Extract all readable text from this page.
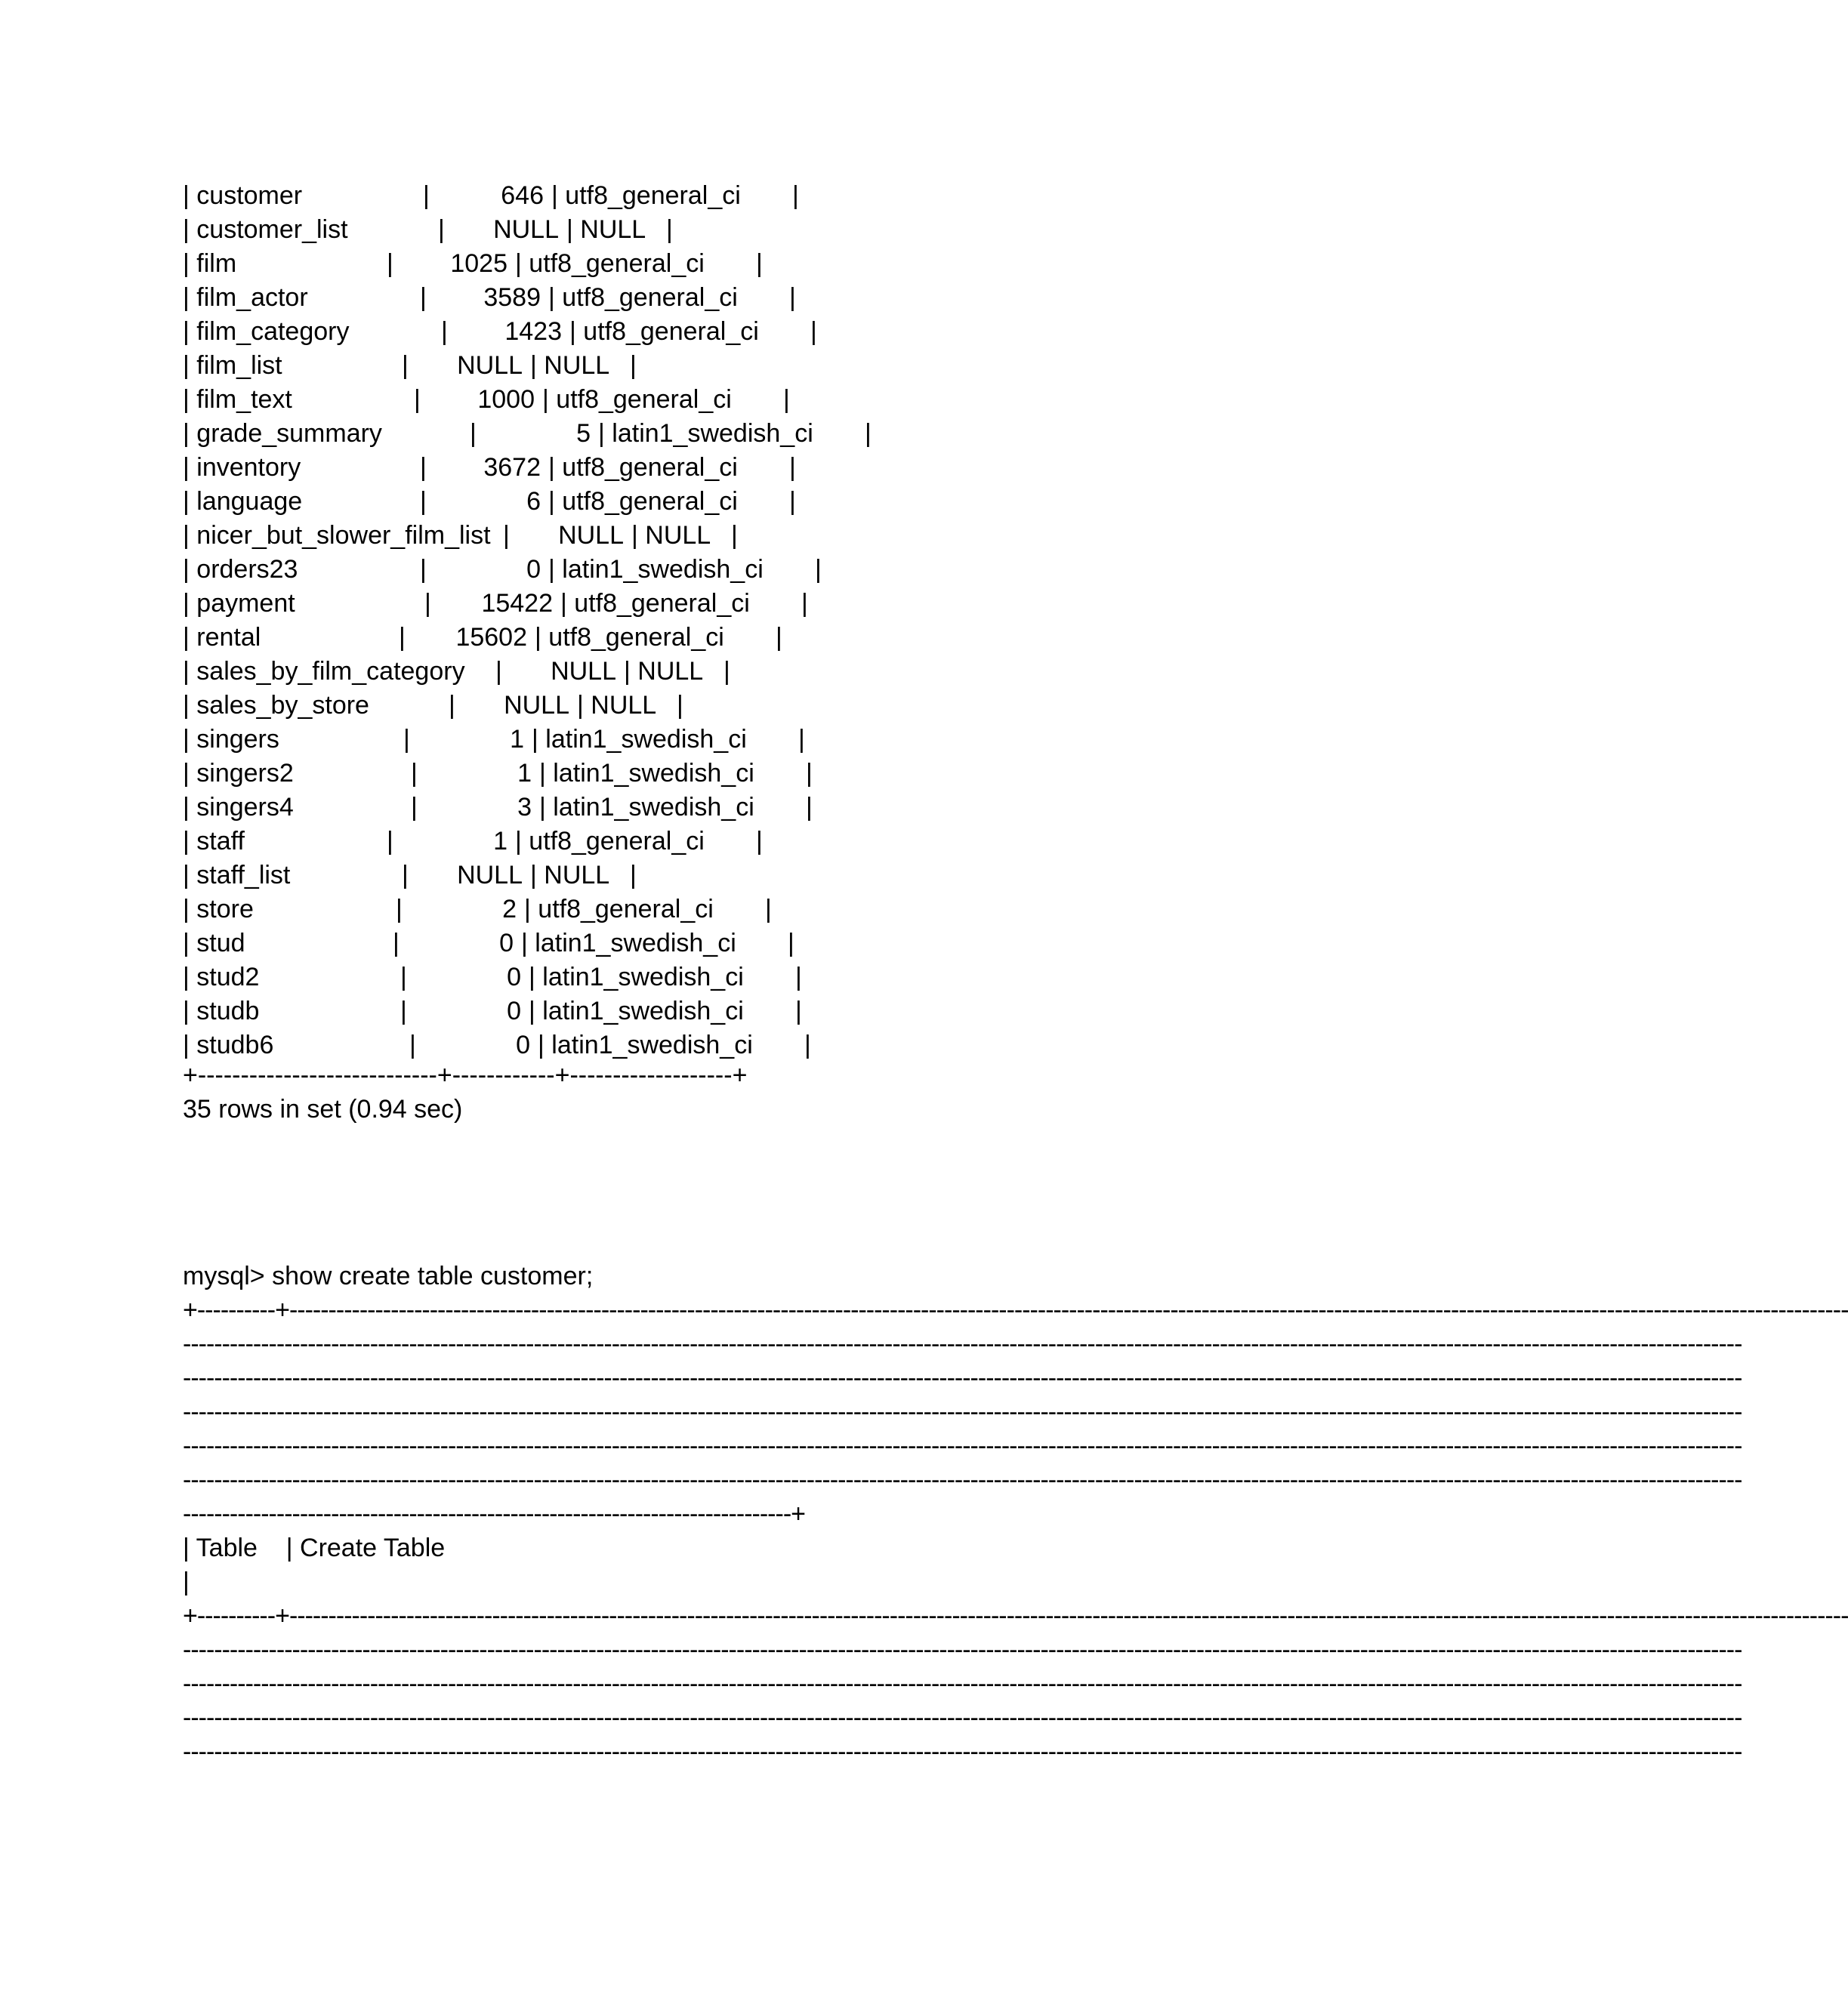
| customer	|	646 | utf8_general_ci |
| customer_list	| NULL | NULL |
| film	| 1025 | utf8_general_ci |
| film_actor	| 3589 | utf8_general_ci |
| film_category	| 1423 | utf8_general_ci |
| film_list	| NULL | NULL |
| film_text	| 1000 | utf8_general_ci |
| grade_summary	|	5 | latin1_swedish_ci |
| inventory	| 3672 | utf8_general_ci |
| language	|	6 | utf8_general_ci |
| nicer_but_slower_film_list | NULL | NULL |
| orders23	|	0 | latin1_swedish_ci |
| payment	| 15422 | utf8_general_ci |
| rental	| 15602 | utf8_general_ci |
| sales_by_film_category | NULL | NULL |
| sales_by_store	| NULL | NULL |
| singers	|	1 | latin1_swedish_ci |
| singers2	|	1 | latin1_swedish_ci |
| singers4	|	3 | latin1_swedish_ci |
| staff	|	1 | utf8_general_ci |
| staff_list	| NULL | NULL |
| store	|	2 | utf8_general_ci |
| stud	|	0 | latin1_swedish_ci |
| stud2	|	0 | latin1_swedish_ci |
| studb	|	0 | latin1_swedish_ci |
| studb6	|	0 | latin1_swedish_ci |
+----------------------------+------------+-------------------+
35 rows in set (0.94 sec)
mysql> show create table customer;
+----------+--------------------------------------------------------------------------------------------------------------------------------------------------------------------------------------------------------
--------------------------------------------------------------------------------------------------------------------------------------------------------------------------------------------------------
--------------------------------------------------------------------------------------------------------------------------------------------------------------------------------------------------------
--------------------------------------------------------------------------------------------------------------------------------------------------------------------------------------------------------
--------------------------------------------------------------------------------------------------------------------------------------------------------------------------------------------------------
--------------------------------------------------------------------------------------------------------------------------------------------------------------------------------------------------------
------------------------------------------------------------------------------+
| Table    | Create Table
|
+----------+--------------------------------------------------------------------------------------------------------------------------------------------------------------------------------------------------------
--------------------------------------------------------------------------------------------------------------------------------------------------------------------------------------------------------
--------------------------------------------------------------------------------------------------------------------------------------------------------------------------------------------------------
--------------------------------------------------------------------------------------------------------------------------------------------------------------------------------------------------------
--------------------------------------------------------------------------------------------------------------------------------------------------------------------------------------------------------
